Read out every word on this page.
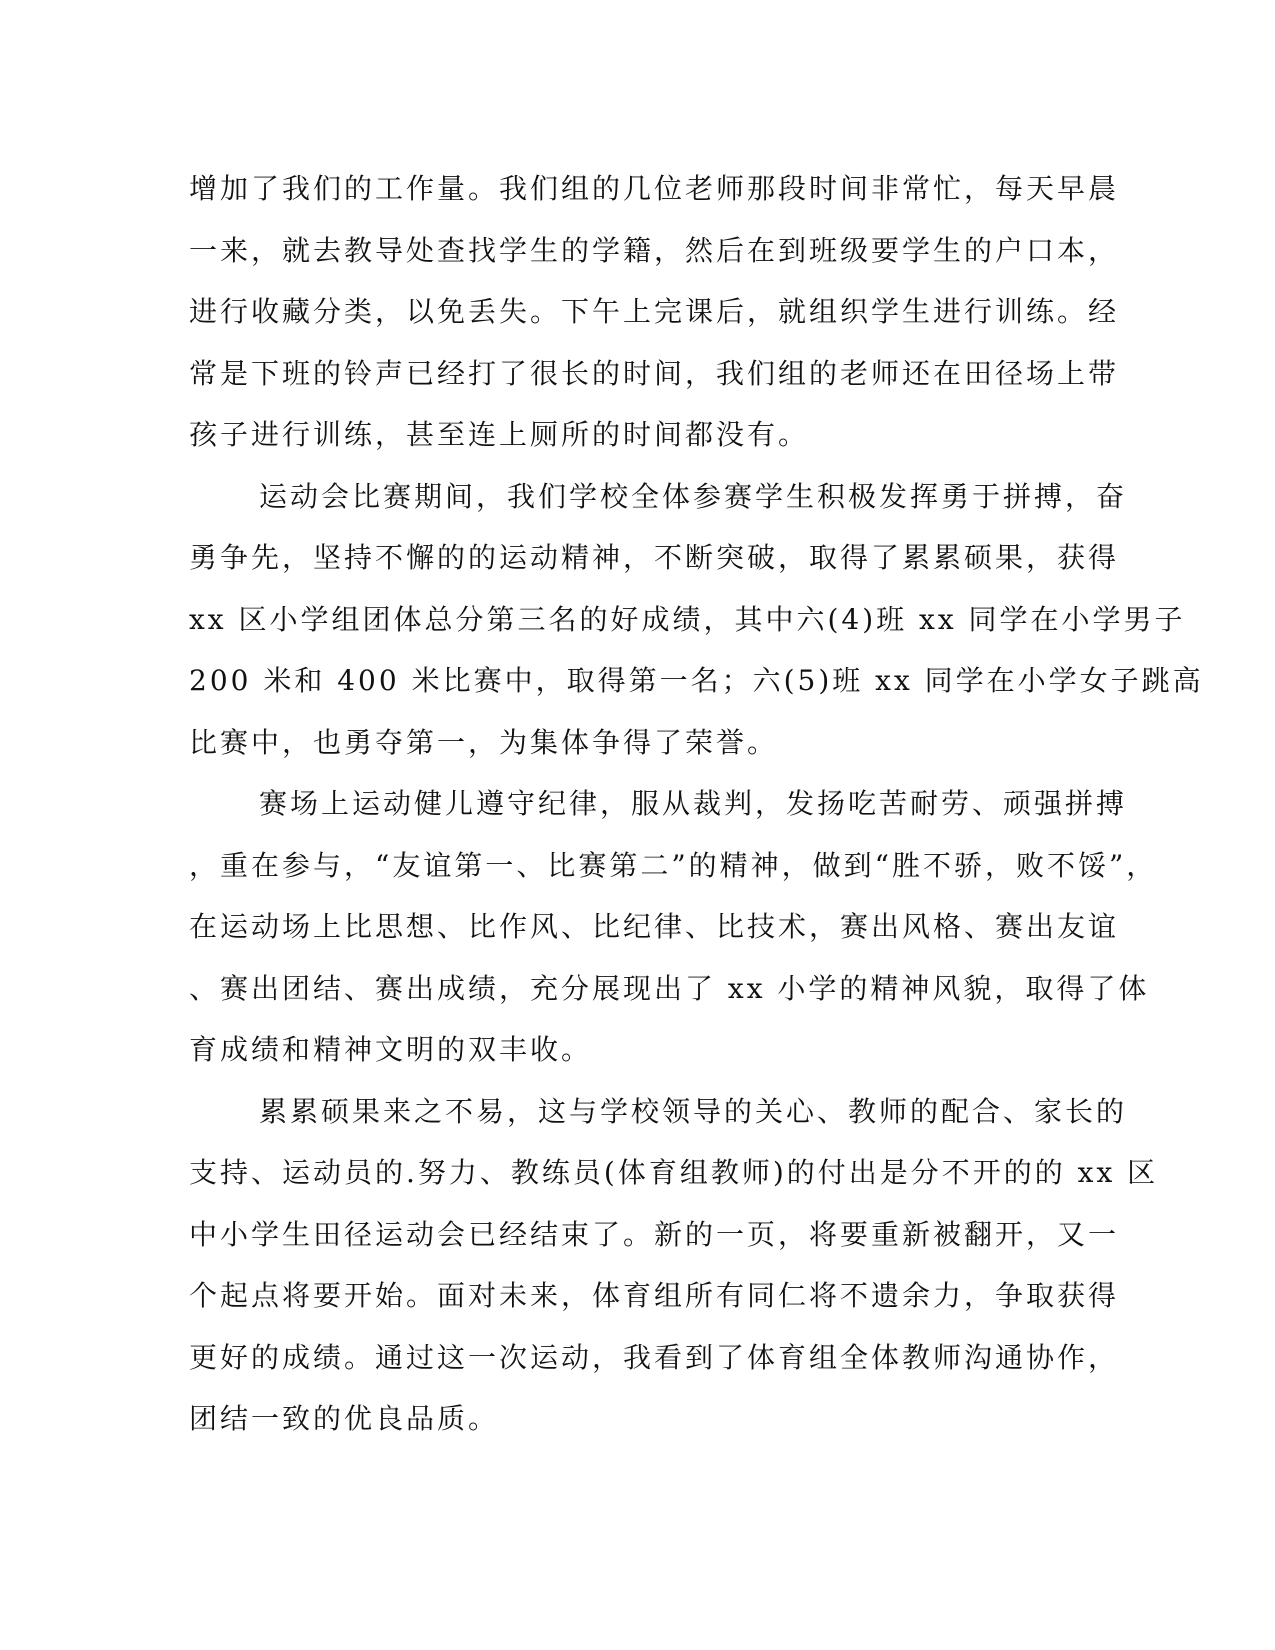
增加了我们的工作量。我们组的几位老师那段时间非常忙，每天早晨
一来，就去教导处查找学生的学籍，然后在到班级要学生的户口本，
进行收藏分类，以免丢失。下午上完课后，就组织学生进行训练。经
常是下班的铃声已经打了很长的时间，我们组的老师还在田径场上带
孩子进行训练，甚至连上厕所的时间都没有。
运动会比赛期间，我们学校全体参赛学生积极发挥勇于拼搏，奋
勇争先，坚持不懈的的运动精神，不断突破，取得了累累硕果，获得
xx 区小学组团体总分第三名的好成绩，其中六(4)班 xx 同学在小学男子
200 米和 400 米比赛中，取得第一名；六(5)班 xx 同学在小学女子跳高
比赛中，也勇夺第一，为集体争得了荣誉。
赛场上运动健儿遵守纪律，服从裁判，发扬吃苦耐劳、顽强拼搏
，重在参与，“友谊第一、比赛第二”的精神，做到“胜不骄，败不馁”，
在运动场上比思想、比作风、比纪律、比技术，赛出风格、赛出友谊
、赛出团结、赛出成绩，充分展现出了 xx 小学的精神风貌，取得了体
育成绩和精神文明的双丰收。
累累硕果来之不易，这与学校领导的关心、教师的配合、家长的
支持、运动员的.努力、教练员(体育组教师)的付出是分不开的的 xx 区
中小学生田径运动会已经结束了。新的一页，将要重新被翻开，又一
个起点将要开始。面对未来，体育组所有同仁将不遗余力，争取获得
更好的成绩。通过这一次运动，我看到了体育组全体教师沟通协作，
团结一致的优良品质。
